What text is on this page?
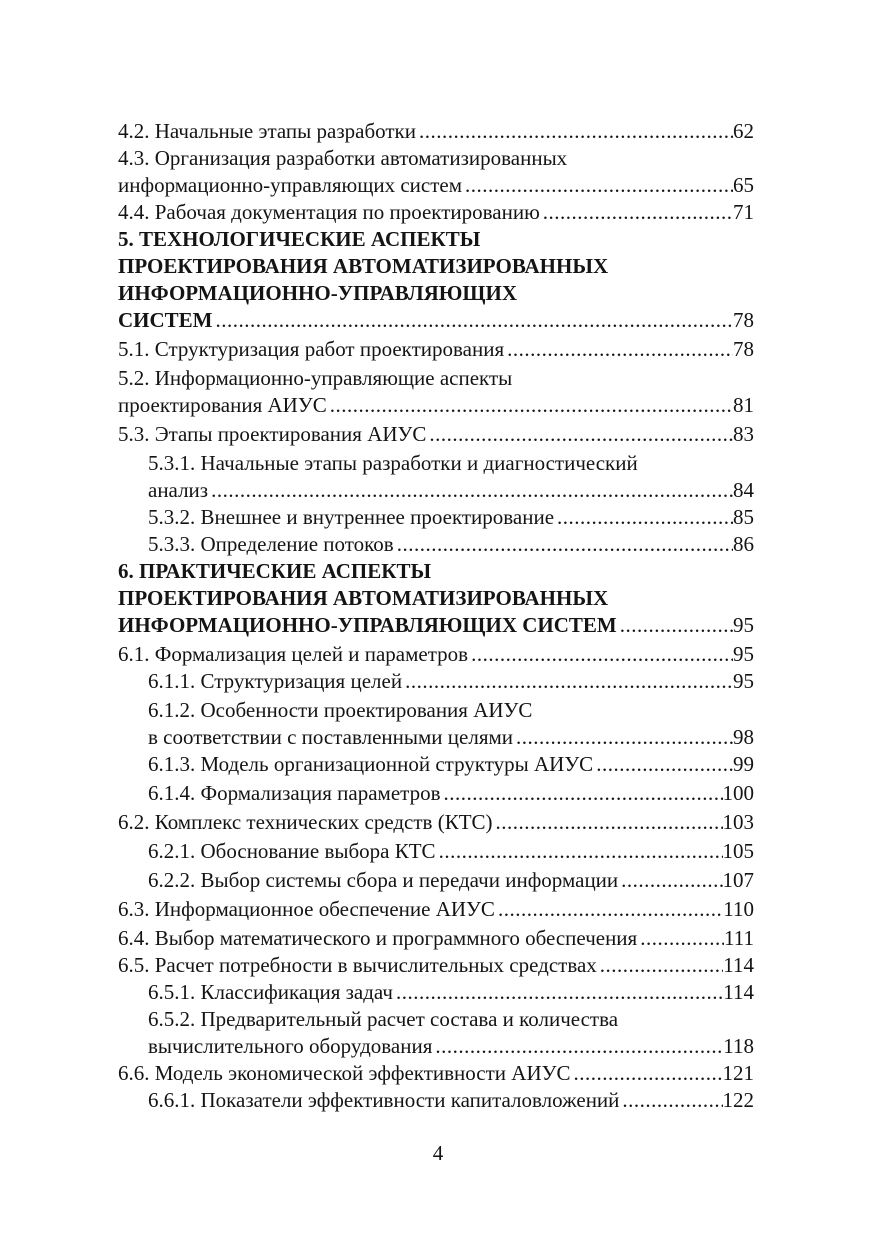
4.2. Начальные этапы разработки .....	62
4.3. Организация разработки автоматизированных
информационно-управляющих систем .....	65
4.4. Рабочая документация по проектированию .....	71
5. ТЕХНОЛОГИЧЕСКИЕ АСПЕКТЫ
ПРОЕКТИРОВАНИЯ АВТОМАТИЗИРОВАННЫХ
ИНФОРМАЦИОННО-УПРАВЛЯЮЩИХ
СИСТЕМ .....	78
5.1. Структуризация работ проектирования .....	78
5.2. Информационно-управляющие аспекты
проектирования АИУС .....	81
5.3. Этапы проектирования АИУС .....	83
5.3.1. Начальные этапы разработки и диагностический
анализ .....	84
5.3.2. Внешнее и внутреннее проектирование .....	85
5.3.3. Определение потоков .....	86
6. ПРАКТИЧЕСКИЕ АСПЕКТЫ
ПРОЕКТИРОВАНИЯ АВТОМАТИЗИРОВАННЫХ
ИНФОРМАЦИОННО-УПРАВЛЯЮЩИХ СИСТЕМ .....	95
6.1. Формализация целей и параметров .....	95
6.1.1. Структуризация целей .....	95
6.1.2. Особенности проектирования АИУС
в соответствии с поставленными целями .....	98
6.1.3. Модель организационной структуры АИУС .....	99
6.1.4. Формализация параметров .....	100
6.2. Комплекс технических средств (КТС) .....	103
6.2.1. Обоснование выбора КТС .....	105
6.2.2. Выбор системы сбора и передачи информации .....	107
6.3. Информационное обеспечение АИУС .....	110
6.4. Выбор математического и программного обеспечения .....	111
6.5. Расчет потребности в вычислительных средствах .....	114
6.5.1. Классификация задач .....	114
6.5.2. Предварительный расчет состава и количества
вычислительного оборудования .....	118
6.6. Модель экономической эффективности АИУС .....	121
6.6.1. Показатели эффективности капиталовложений .....	122
4
